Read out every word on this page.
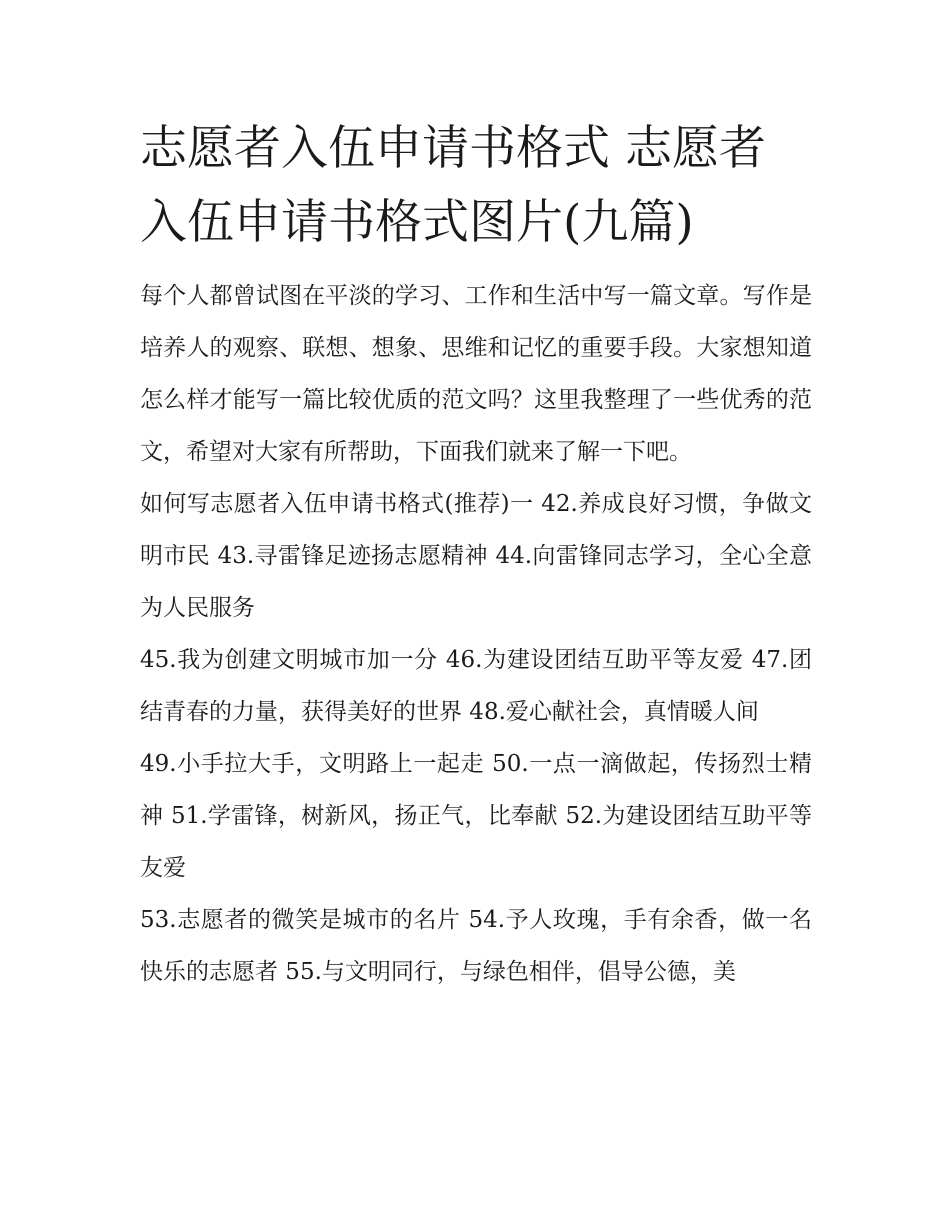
志愿者入伍申请书格式 志愿者入伍申请书格式图片(九篇)

每个人都曾试图在平淡的学习、工作和生活中写一篇文章。写作是培养人的观察、联想、想象、思维和记忆的重要手段。大家想知道怎么样才能写一篇比较优质的范文吗？这里我整理了一些优秀的范文，希望对大家有所帮助，下面我们就来了解一下吧。

如何写志愿者入伍申请书格式(推荐)一 42.养成良好习惯，争做文明市民 43.寻雷锋足迹扬志愿精神 44.向雷锋同志学习，全心全意为人民服务

45.我为创建文明城市加一分 46.为建设团结互助平等友爱 47.团结青春的力量，获得美好的世界 48.爱心献社会，真情暖人间

49.小手拉大手，文明路上一起走 50.一点一滴做起，传扬烈士精神 51.学雷锋，树新风，扬正气，比奉献 52.为建设团结互助平等友爱

53.志愿者的微笑是城市的名片 54.予人玫瑰，手有余香，做一名快乐的志愿者 55.与文明同行，与绿色相伴，倡导公德，美
